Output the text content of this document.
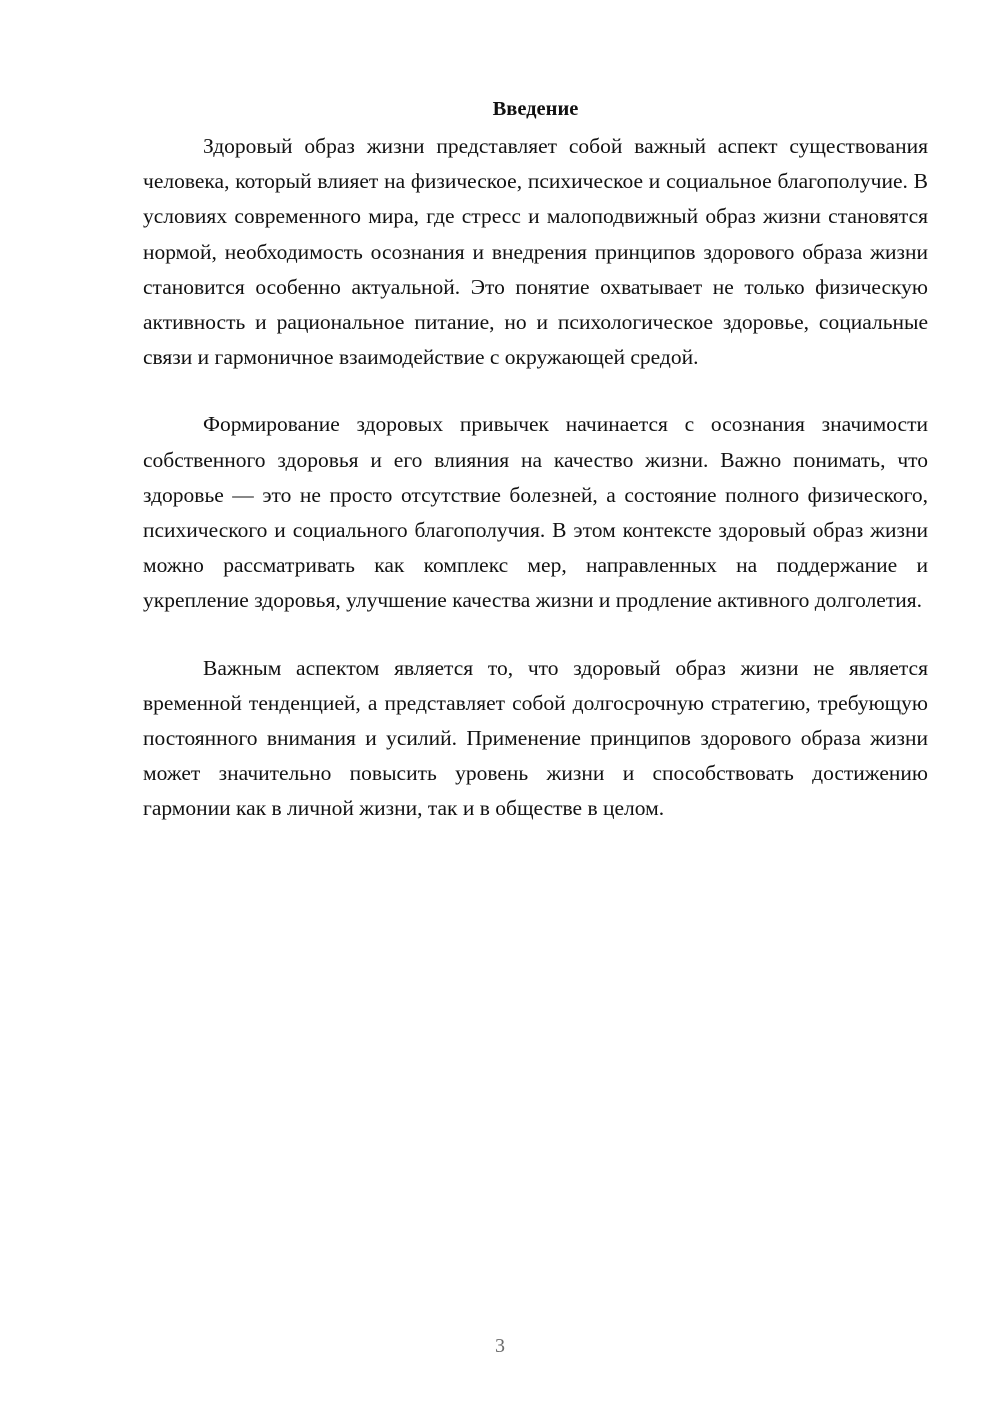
Введение

Здоровый образ жизни представляет собой важный аспект существования человека, который влияет на физическое, психическое и социальное благополучие. В условиях современного мира, где стресс и малоподвижный образ жизни становятся нормой, необходимость осознания и внедрения принципов здорового образа жизни становится особенно актуальной. Это понятие охватывает не только физическую активность и рациональное питание, но и психологическое здоровье, социальные связи и гармоничное взаимодействие с окружающей средой.

Формирование здоровых привычек начинается с осознания значимости собственного здоровья и его влияния на качество жизни. Важно понимать, что здоровье — это не просто отсутствие болезней, а состояние полного физического, психического и социального благополучия. В этом контексте здоровый образ жизни можно рассматривать как комплекс мер, направленных на поддержание и укрепление здоровья, улучшение качества жизни и продление активного долголетия.

Важным аспектом является то, что здоровый образ жизни не является временной тенденцией, а представляет собой долгосрочную стратегию, требующую постоянного внимания и усилий. Применение принципов здорового образа жизни может значительно повысить уровень жизни и способствовать достижению гармонии как в личной жизни, так и в обществе в целом.

3
